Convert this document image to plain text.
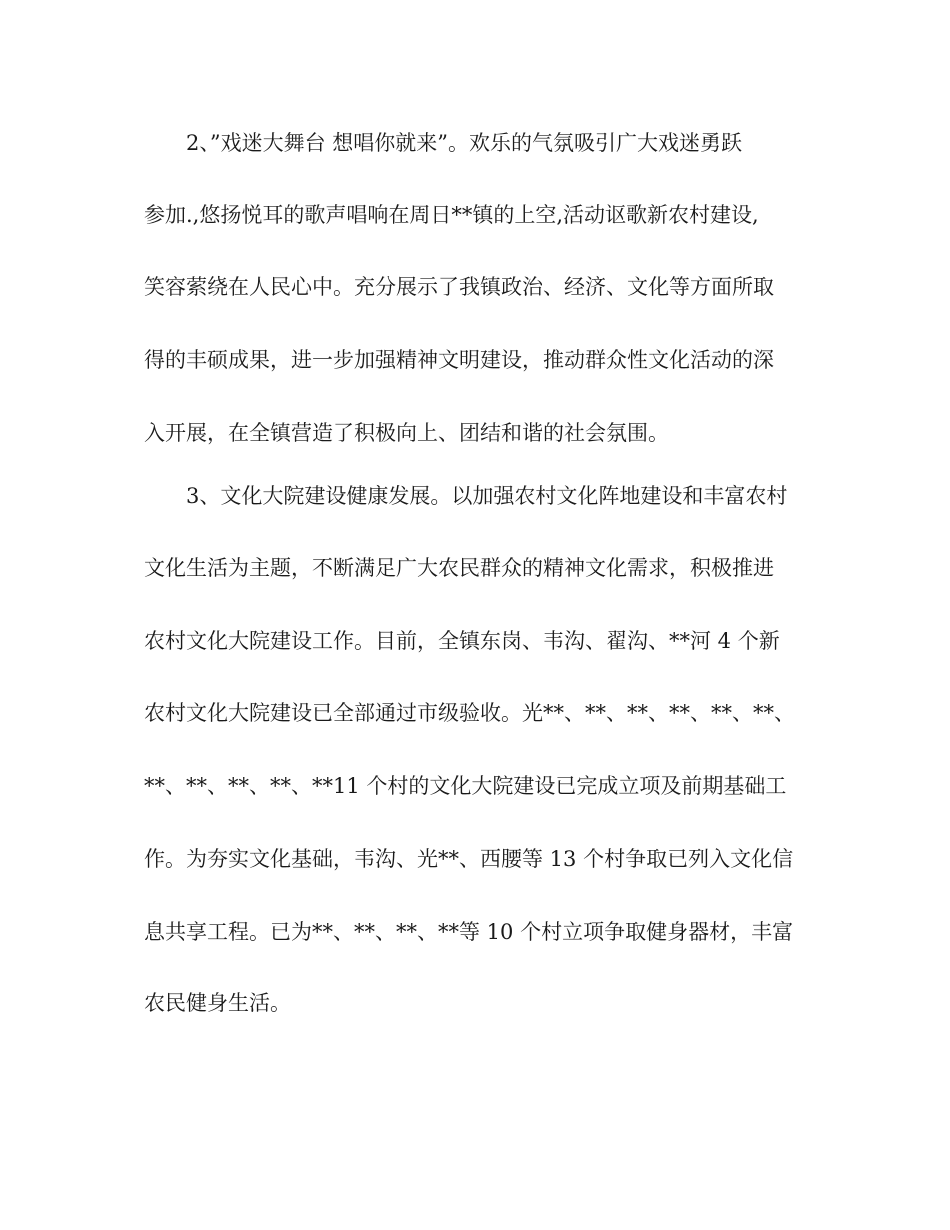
2、”戏迷大舞台 想唱你就来”。欢乐的气氛吸引广大戏迷勇跃
参加.,悠扬悦耳的歌声唱响在周日**镇的上空,活动讴歌新农村建设,
笑容萦绕在人民心中。充分展示了我镇政治、经济、文化等方面所取
得的丰硕成果，进一步加强精神文明建设，推动群众性文化活动的深
入开展，在全镇营造了积极向上、团结和谐的社会氛围。
3、文化大院建设健康发展。以加强农村文化阵地建设和丰富农村
文化生活为主题，不断满足广大农民群众的精神文化需求，积极推进
农村文化大院建设工作。目前，全镇东岗、韦沟、翟沟、**河 4 个新
农村文化大院建设已全部通过市级验收。光**、**、**、**、**、**、
**、**、**、**、**11 个村的文化大院建设已完成立项及前期基础工
作。为夯实文化基础，韦沟、光**、西腰等 13 个村争取已列入文化信
息共享工程。已为**、**、**、**等 10 个村立项争取健身器材，丰富
农民健身生活。
